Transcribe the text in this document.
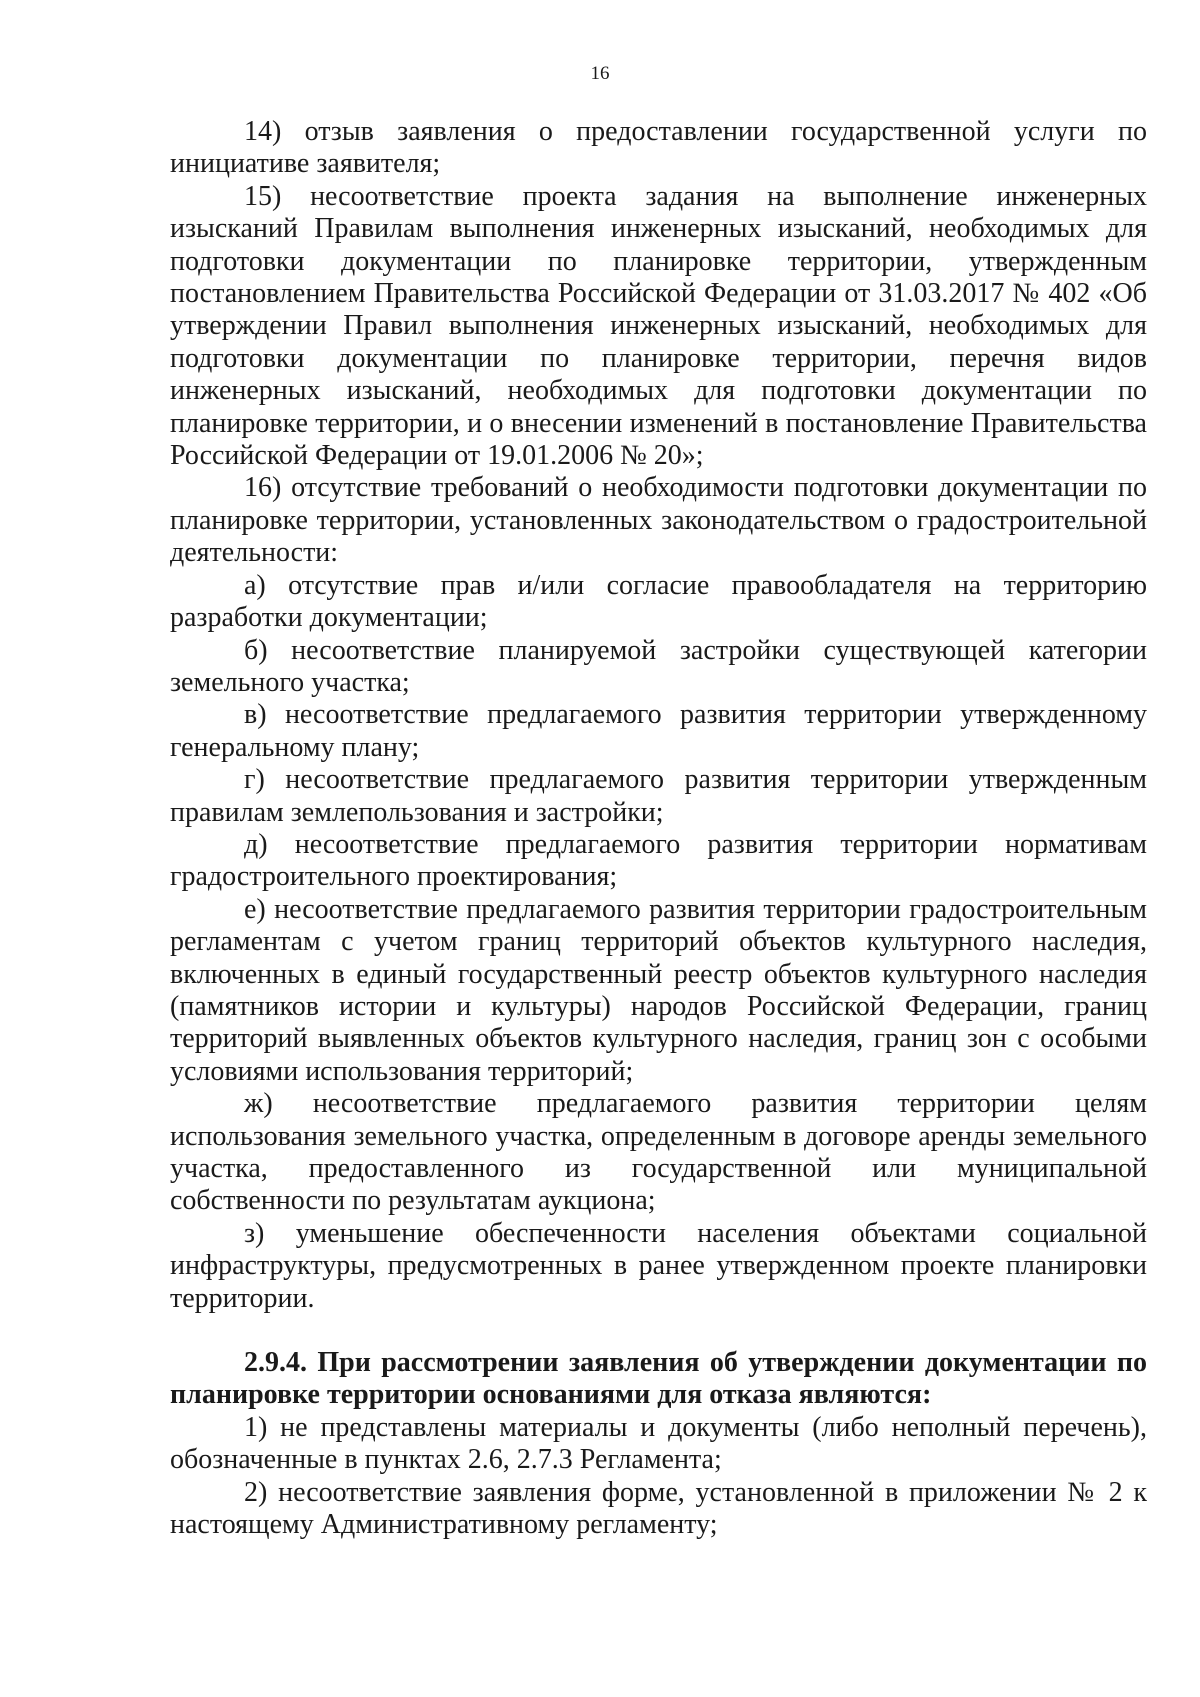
16

14) отзыв заявления о предоставлении государственной услуги по инициативе заявителя;

15) несоответствие проекта задания на выполнение инженерных изысканий Правилам выполнения инженерных изысканий, необходимых для подготовки документации по планировке территории, утвержденным постановлением Правительства Российской Федерации от 31.03.2017 № 402 «Об утверждении Правил выполнения инженерных изысканий, необходимых для подготовки документации по планировке территории, перечня видов инженерных изысканий, необходимых для подготовки документации по планировке территории, и о внесении изменений в постановление Правительства Российской Федерации от 19.01.2006 № 20»;

16) отсутствие требований о необходимости подготовки документации по планировке территории, установленных законодательством о градостроительной деятельности:

а) отсутствие прав и/или согласие правообладателя на территорию разработки документации;

б) несоответствие планируемой застройки существующей категории земельного участка;

в) несоответствие предлагаемого развития территории утвержденному генеральному плану;

г) несоответствие предлагаемого развития территории утвержденным правилам землепользования и застройки;

д) несоответствие предлагаемого развития территории нормативам градостроительного проектирования;

е) несоответствие предлагаемого развития территории градостроительным регламентам с учетом границ территорий объектов культурного наследия, включенных в единый государственный реестр объектов культурного наследия (памятников истории и культуры) народов Российской Федерации, границ территорий выявленных объектов культурного наследия, границ зон с особыми условиями использования территорий;

ж) несоответствие предлагаемого развития территории целям использования земельного участка, определенным в договоре аренды земельного участка, предоставленного из государственной или муниципальной собственности по результатам аукциона;

з) уменьшение обеспеченности населения объектами социальной инфраструктуры, предусмотренных в ранее утвержденном проекте планировки территории.

2.9.4. При рассмотрении заявления об утверждении документации по планировке территории основаниями для отказа являются:

1) не представлены материалы и документы (либо неполный перечень), обозначенные в пунктах 2.6, 2.7.3 Регламента;

2) несоответствие заявления форме, установленной в приложении № 2 к настоящему Административному регламенту;
